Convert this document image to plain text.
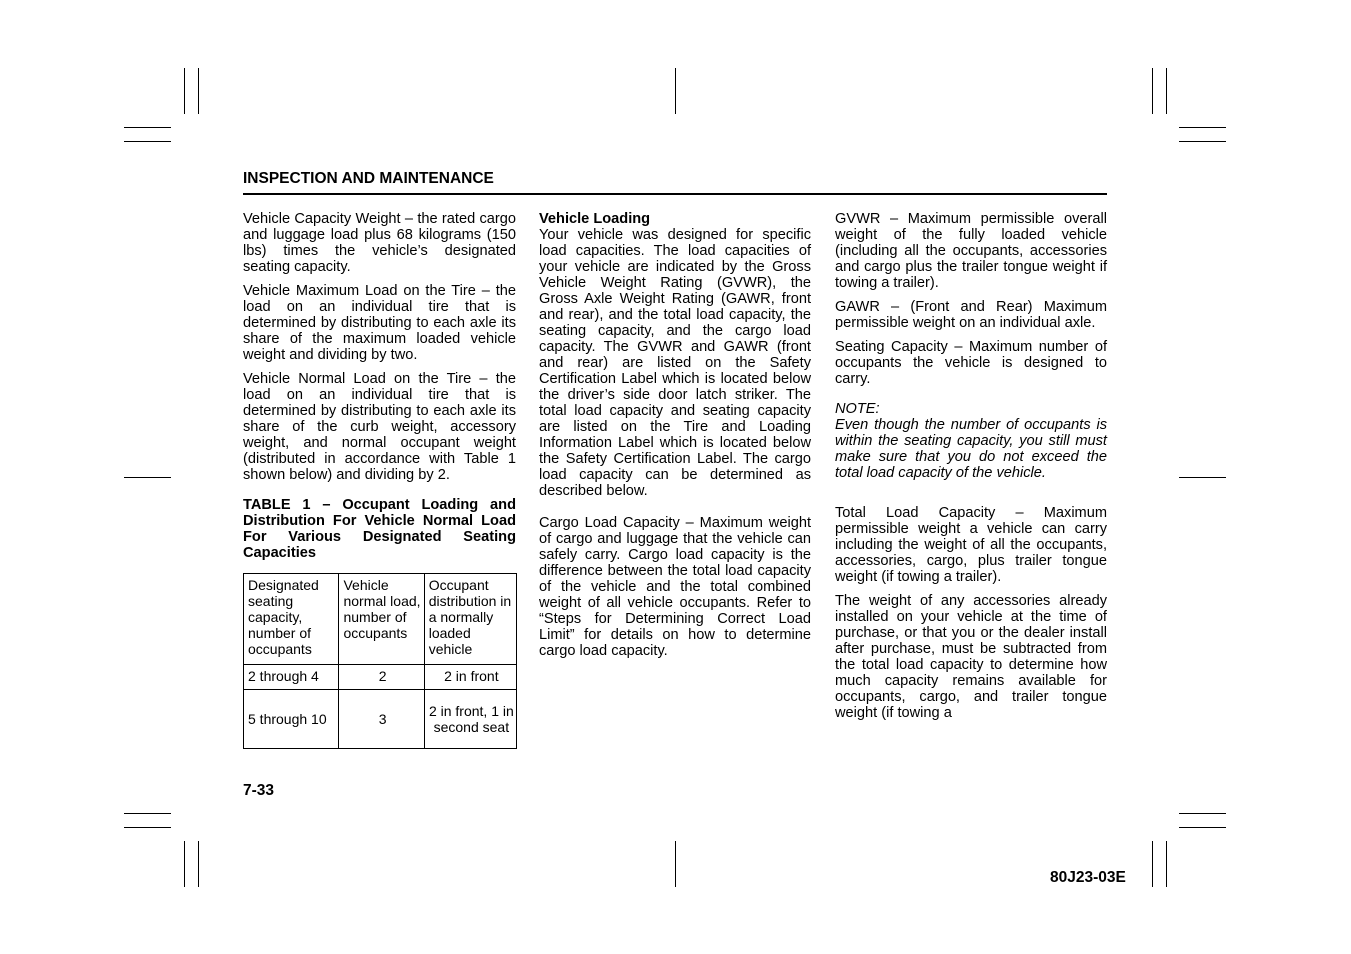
INSPECTION AND MAINTENANCE

Vehicle Capacity Weight – the rated cargo and luggage load plus 68 kilograms (150 lbs) times the vehicle’s designated seating capacity.

Vehicle Maximum Load on the Tire – the load on an individual tire that is determined by distributing to each axle its share of the maximum loaded vehicle weight and dividing by two.

Vehicle Normal Load on the Tire – the load on an individual tire that is determined by distributing to each axle its share of the curb weight, accessory weight, and normal occupant weight (distributed in accordance with Table 1 shown below) and dividing by 2.

TABLE 1 – Occupant Loading and Distribution For Vehicle Normal Load For Various Designated Seating Capacities

Designated seating capacity, number of occupants	Vehicle normal load, number of occupants	Occupant distribution in a normally loaded vehicle
2 through 4	2	2 in front
5 through 10	3	2 in front, 1 in second seat
Vehicle Loading

Your vehicle was designed for specific load capacities. The load capacities of your vehicle are indicated by the Gross Vehicle Weight Rating (GVWR), the Gross Axle Weight Rating (GAWR, front and rear), and the total load capacity, the seating capacity, and the cargo load capacity. The GVWR and GAWR (front and rear) are listed on the Safety Certification Label which is located below the driver’s side door latch striker. The total load capacity and seating capacity are listed on the Tire and Loading Information Label which is located below the Safety Certification Label. The cargo load capacity can be determined as described below.

Cargo Load Capacity – Maximum weight of cargo and luggage that the vehicle can safely carry. Cargo load capacity is the difference between the total load capacity of the vehicle and the total combined weight of all vehicle occupants. Refer to “Steps for Determining Correct Load Limit” for details on how to determine cargo load capacity.

GVWR – Maximum permissible overall weight of the fully loaded vehicle (including all the occupants, accessories and cargo plus the trailer tongue weight if towing a trailer).

GAWR – (Front and Rear) Maximum permissible weight on an individual axle.

Seating Capacity – Maximum number of occupants the vehicle is designed to carry.

NOTE:

Even though the number of occupants is within the seating capacity, you still must make sure that you do not exceed the total load capacity of the vehicle.

Total Load Capacity – Maximum permissible weight a vehicle can carry including the weight of all the occupants, accessories, cargo, plus trailer tongue weight (if towing a trailer).

The weight of any accessories already installed on your vehicle at the time of purchase, or that you or the dealer install after purchase, must be subtracted from the total load capacity to determine how much capacity remains available for occupants, cargo, and trailer tongue weight (if towing a

7-33
80J23-03E
